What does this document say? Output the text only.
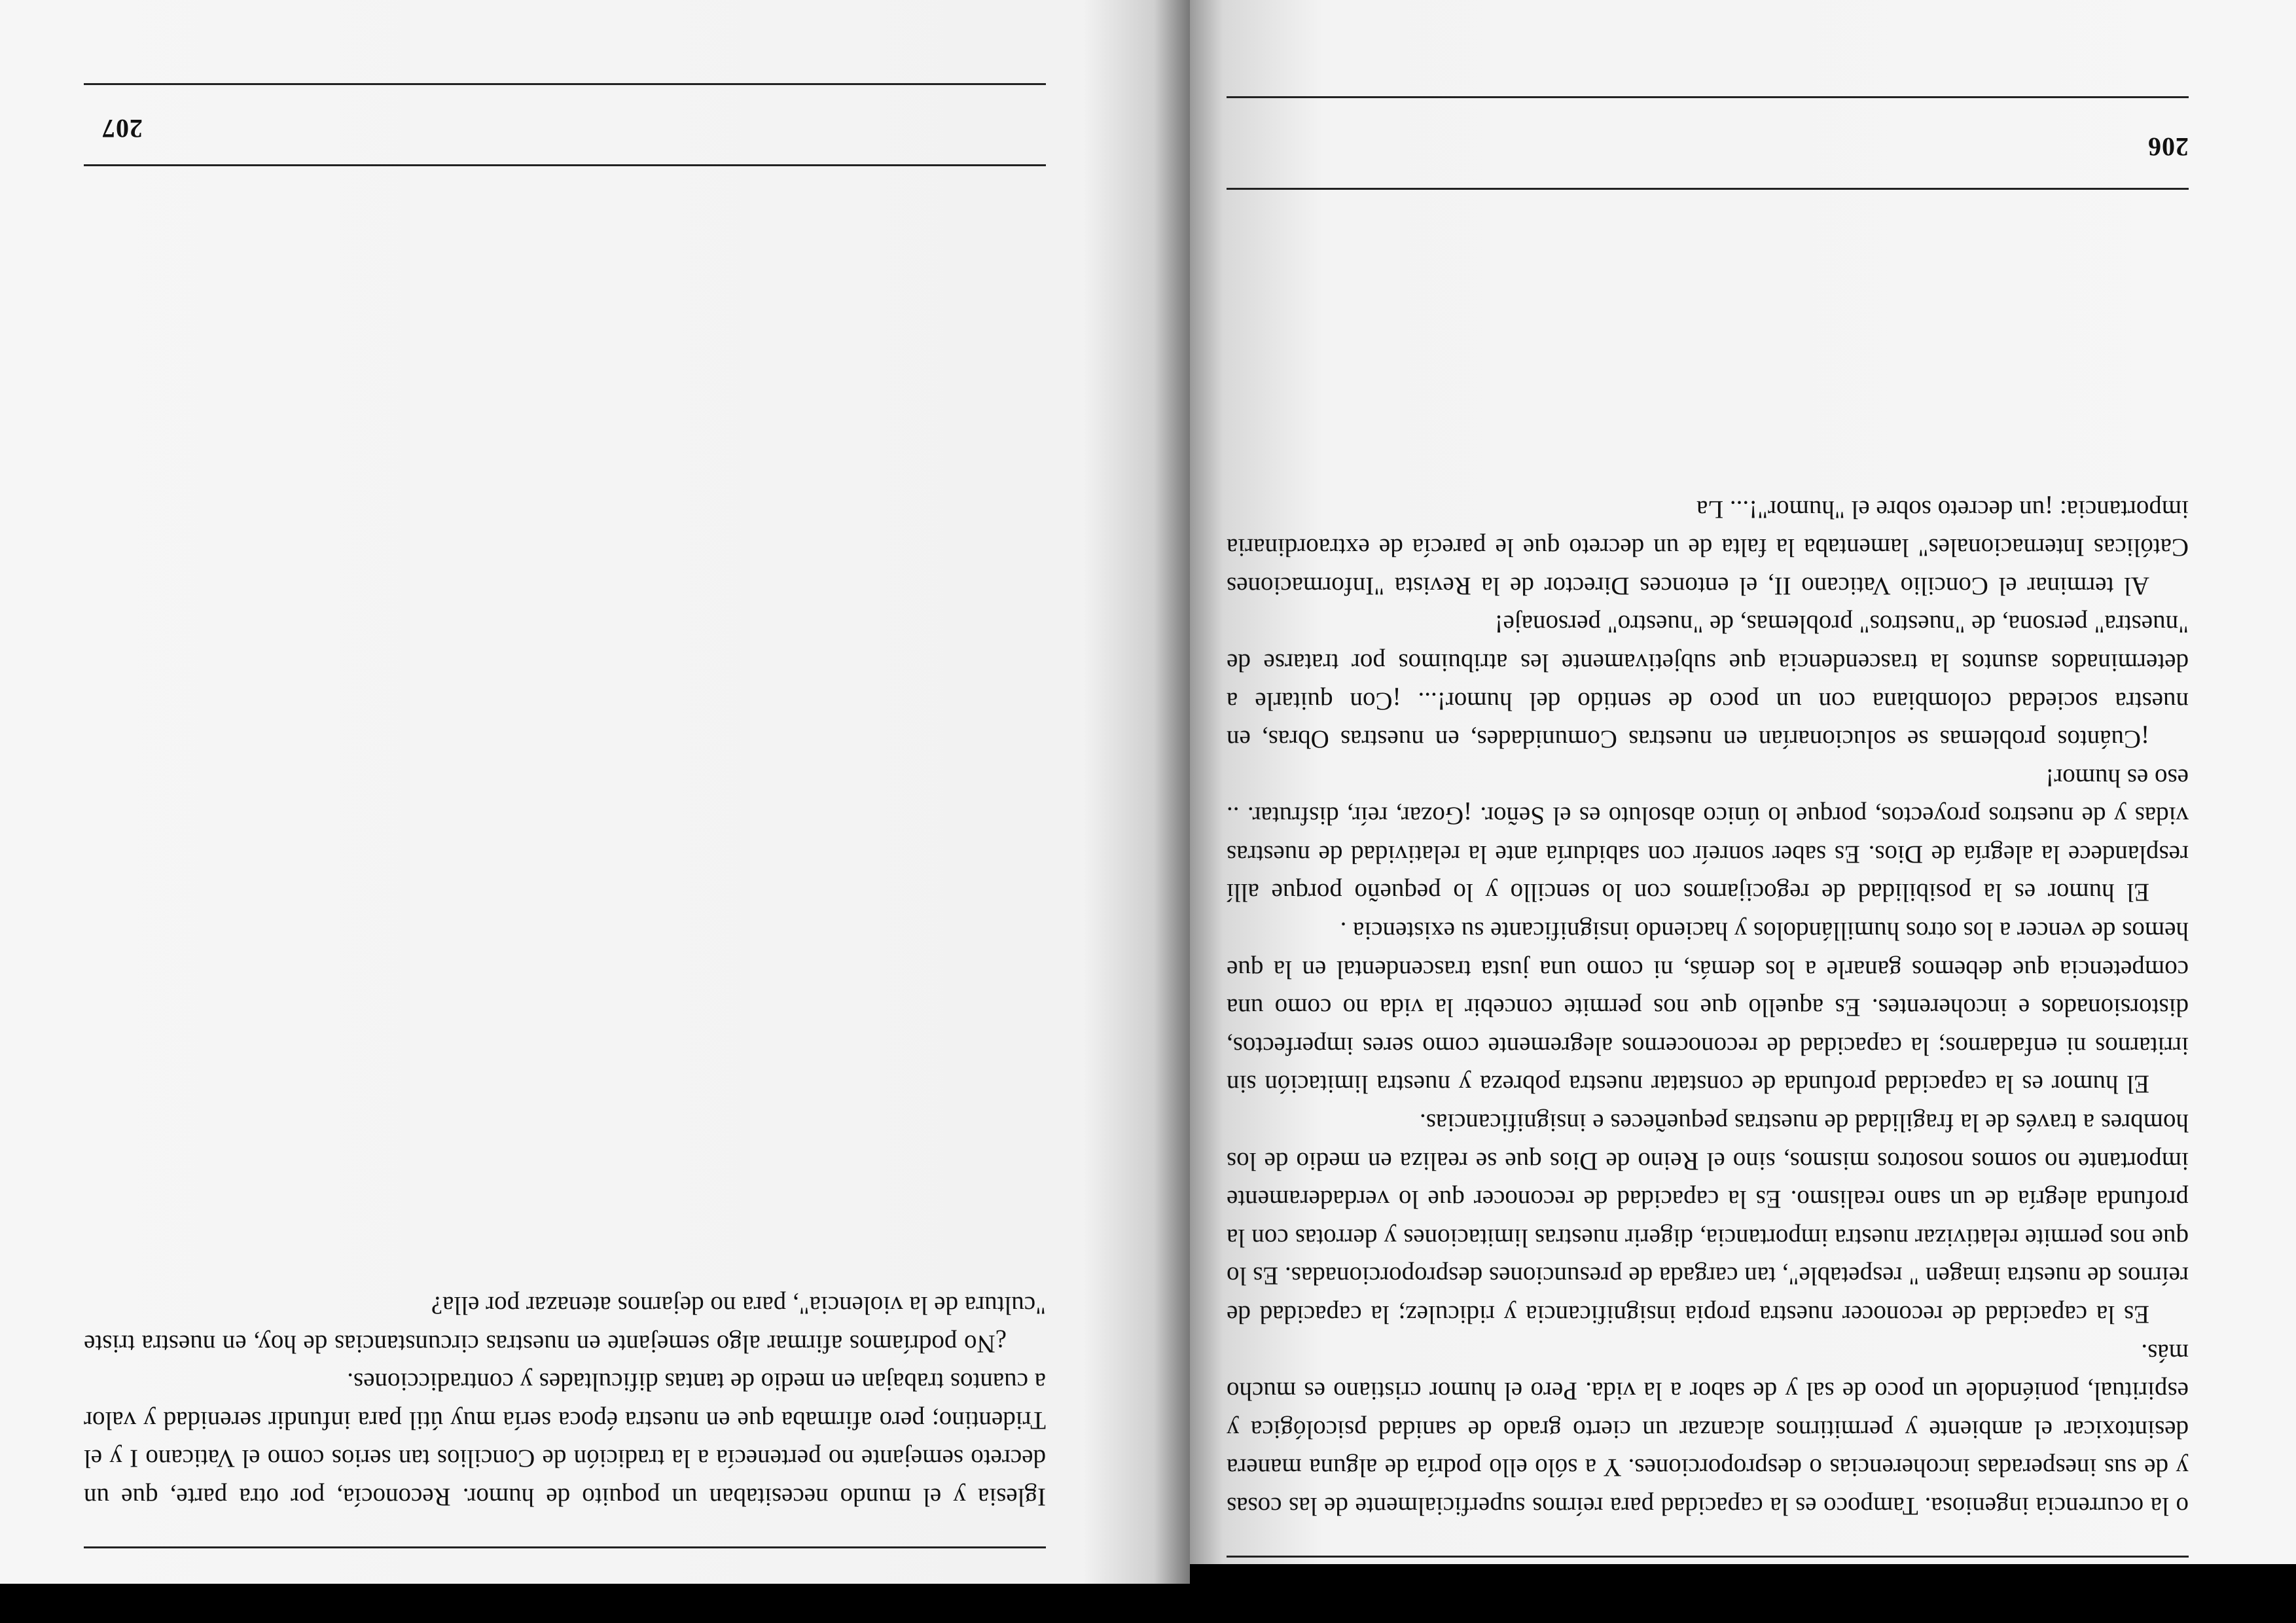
o la ocurrencia ingeniosa. Tampoco es la capacidad para reírnos superficialmente de las cosas y de sus inesperadas incoherencias o desproporciones. Y a sólo ello podría de alguna manera desintoxicar el ambiente y permitirnos alcanzar un cierto grado de sanidad psicológica y espiritual, poniéndole un poco de sal y de sabor a la vida. Pero el humor cristiano es mucho más.

Es la capacidad de reconocer nuestra propia insignificancia y ridiculez; la capacidad de reírnos de nuestra imagen " respetable", tan cargada de presunciones desproporcionadas. Es lo que nos permite relativizar nuestra importancia, digerir nuestras limitaciones y derrotas con la profunda alegría de un sano realismo. Es la capacidad de reconocer que lo verdaderamente importante no somos nosotros mismos, sino el Reino de Dios que se realiza en medio de los hombres a través de la fragilidad de nuestras pequeñeces e insignificancias.

El humor es la capacidad profunda de constatar nuestra pobreza y nuestra limitación sin irritarnos ni enfadarnos; la capacidad de reconocernos alegremente como seres imperfectos, distorsionados e incoherentes. Es aquello que nos permite concebir la vida no como una competencia que debemos ganarle a los demás, ni como una justa trascendental en la que hemos de vencer a los otros humillándolos y haciendo insignificante su existencia .

El humor es la posibilidad de regocijarnos con lo sencillo y lo pequeño porque allí resplandece la alegría de Dios. Es saber sonreír con sabiduría ante la relatividad de nuestras vidas y de nuestros proyectos, porque lo único absoluto es el Señor. ¡Gozar, reír, disfrutar. .. eso es humor!

¡Cuántos problemas se solucionarían en nuestras Comunidades, en nuestras Obras, en nuestra sociedad colombiana con un poco de sentido del humor!... ¡Con quitarle a determinados asuntos la trascendencia que subjetivamente les atribuimos por tratarse de "nuestra" persona, de "nuestros" problemas, de "nuestro" personaje!

Al terminar el Concilio Vaticano II, el entonces Director de la Revista "Informaciones Católicas Internacionales" lamentaba la falta de un decreto que le parecía de extraordinaria importancia: ¡un decreto sobre el "humor"!... La

206

Iglesia y el mundo necesitaban un poquito de humor. Reconocía, por otra parte, que un decreto semejante no pertenecía a la tradición de Concilios tan serios como el Vaticano I y el Tridentino; pero afirmaba que en nuestra época sería muy útil para infundir serenidad y valor a cuantos trabajan en medio de tantas dificultades y contradicciones.

¿No podríamos afirmar algo semejante en nuestras circunstancias de hoy, en nuestra triste "cultura de la violencia", para no dejarnos atenazar por ella?

207
